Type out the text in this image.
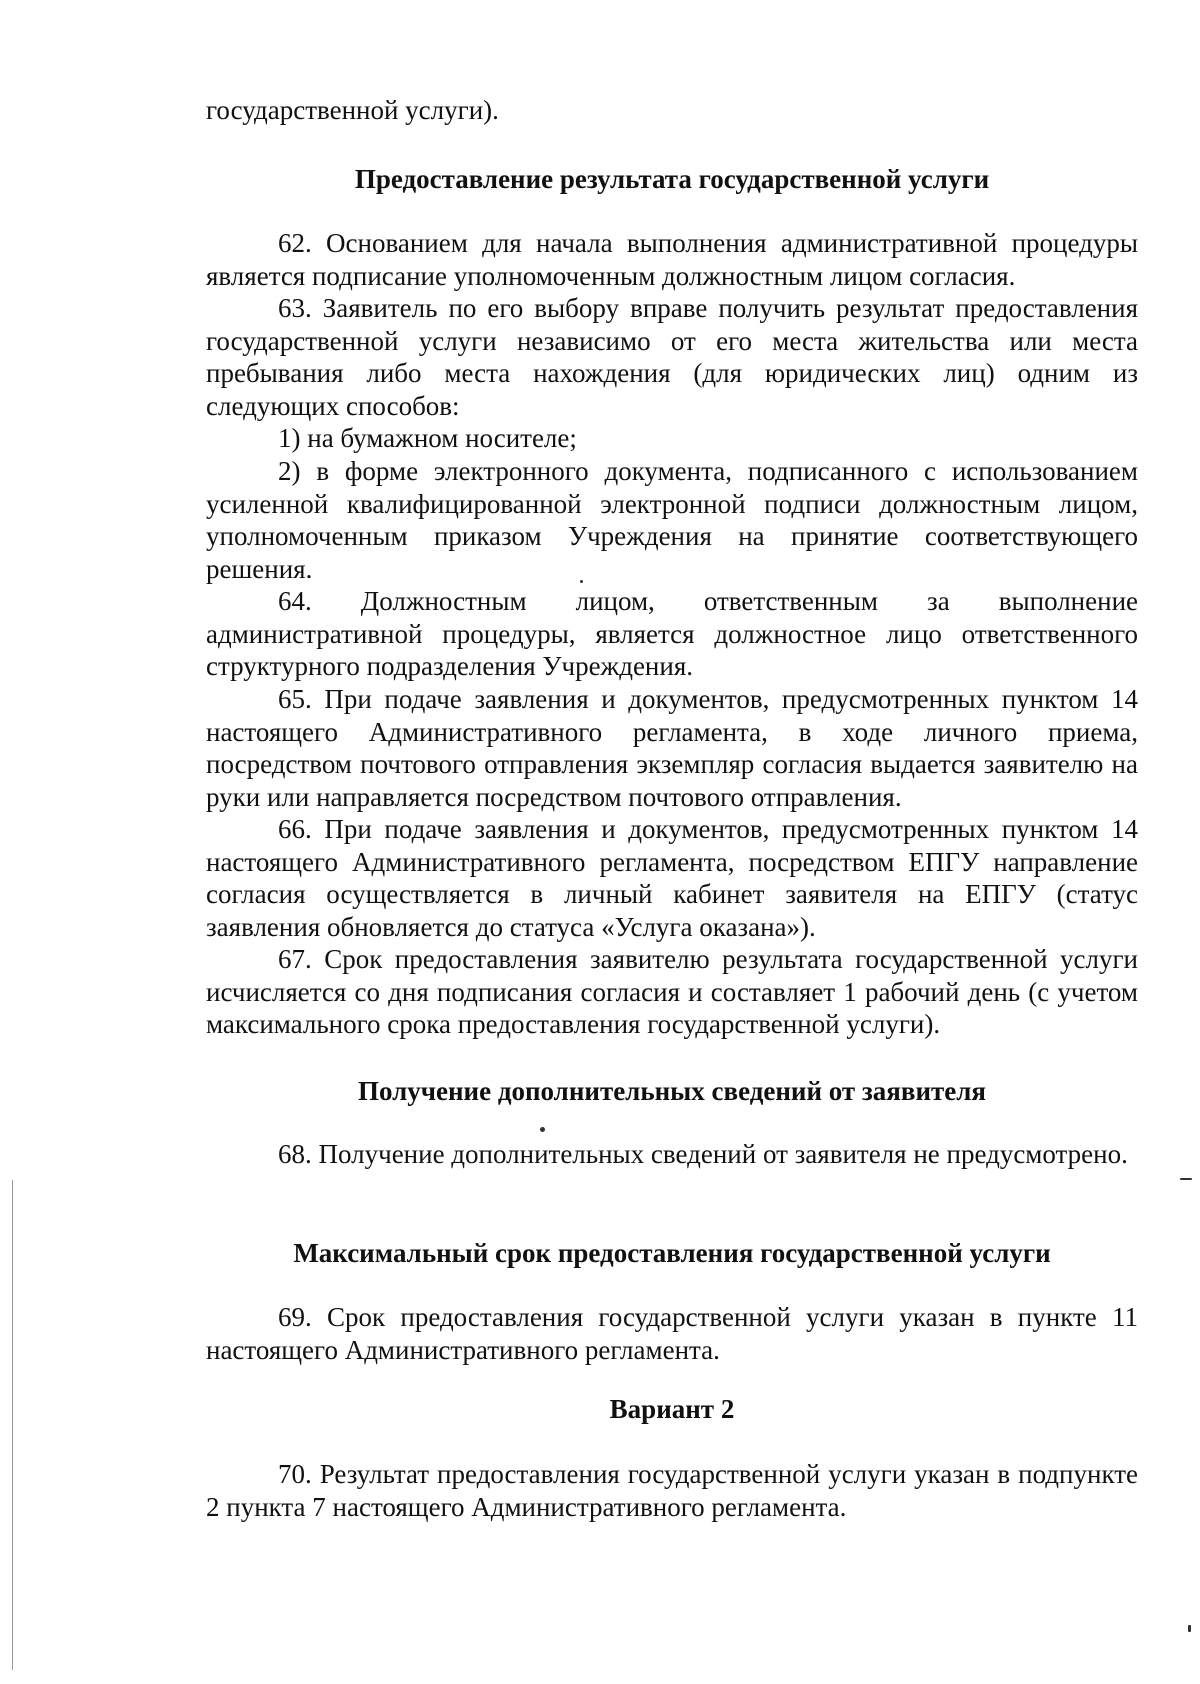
государственной услуги).

Предоставление результата государственной услуги

62. Основанием для начала выполнения административной процедуры является подписание уполномоченным должностным лицом согласия.

63. Заявитель по его выбору вправе получить результат предоставления государственной услуги независимо от его места жительства или места пребывания либо места нахождения (для юридических лиц) одним из следующих способов:

1) на бумажном носителе;

2) в форме электронного документа, подписанного с использованием усиленной квалифицированной электронной подписи должностным лицом, уполномоченным приказом Учреждения на принятие соответствующего решения.

64. Должностным лицом, ответственным за выполнение административной процедуры, является должностное лицо ответственного структурного подразделения Учреждения.

65. При подаче заявления и документов, предусмотренных пунктом 14 настоящего Административного регламента, в ходе личного приема, посредством почтового отправления экземпляр согласия выдается заявителю на руки или направляется посредством почтового отправления.

66. При подаче заявления и документов, предусмотренных пунктом 14 настоящего Административного регламента, посредством ЕПГУ направление согласия осуществляется в личный кабинет заявителя на ЕПГУ (статус заявления обновляется до статуса «Услуга оказана»).

67. Срок предоставления заявителю результата государственной услуги исчисляется со дня подписания согласия и составляет 1 рабочий день (с учетом максимального срока предоставления государственной услуги).

Получение дополнительных сведений от заявителя

68. Получение дополнительных сведений от заявителя не предусмотрено.

Максимальный срок предоставления государственной услуги

69. Срок предоставления государственной услуги указан в пункте 11 настоящего Административного регламента.

Вариант 2

70. Результат предоставления государственной услуги указан в подпункте 2 пункта 7 настоящего Административного регламента.
